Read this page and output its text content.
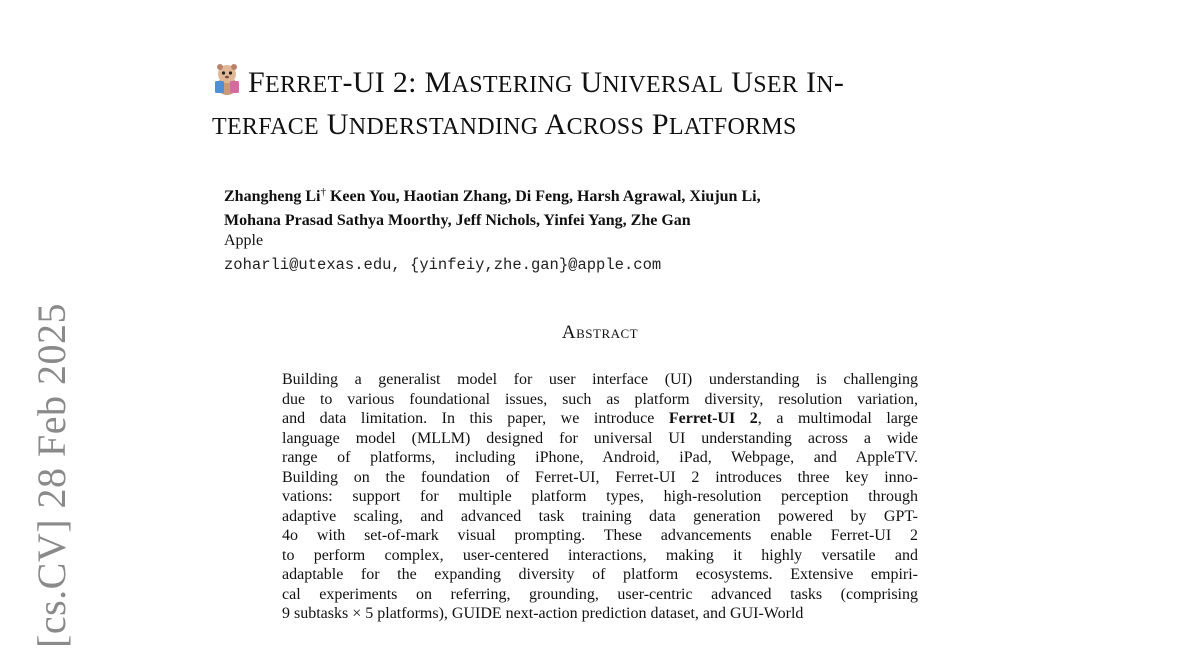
[cs.CV] 28 Feb 2025
FERRET-UI 2: MASTERING UNIVERSAL USER IN-
TERFACE UNDERSTANDING ACROSS PLATFORMS
Zhangheng Li† Keen You, Haotian Zhang, Di Feng, Harsh Agrawal, Xiujun Li,
Mohana Prasad Sathya Moorthy, Jeff Nichols, Yinfei Yang, Zhe Gan
Apple
zoharli@utexas.edu, {yinfeiy,zhe.gan}@apple.com
Abstract
Building a generalist model for user interface (UI) understanding is challenging
due to various foundational issues, such as platform diversity, resolution variation,
and data limitation. In this paper, we introduce Ferret-UI 2, a multimodal large
language model (MLLM) designed for universal UI understanding across a wide
range of platforms, including iPhone, Android, iPad, Webpage, and AppleTV.
Building on the foundation of Ferret-UI, Ferret-UI 2 introduces three key inno-
vations: support for multiple platform types, high-resolution perception through
adaptive scaling, and advanced task training data generation powered by GPT-
4o with set-of-mark visual prompting. These advancements enable Ferret-UI 2
to perform complex, user-centered interactions, making it highly versatile and
adaptable for the expanding diversity of platform ecosystems. Extensive empiri-
cal experiments on referring, grounding, user-centric advanced tasks (comprising
9 subtasks × 5 platforms), GUIDE next-action prediction dataset, and GUI-World
